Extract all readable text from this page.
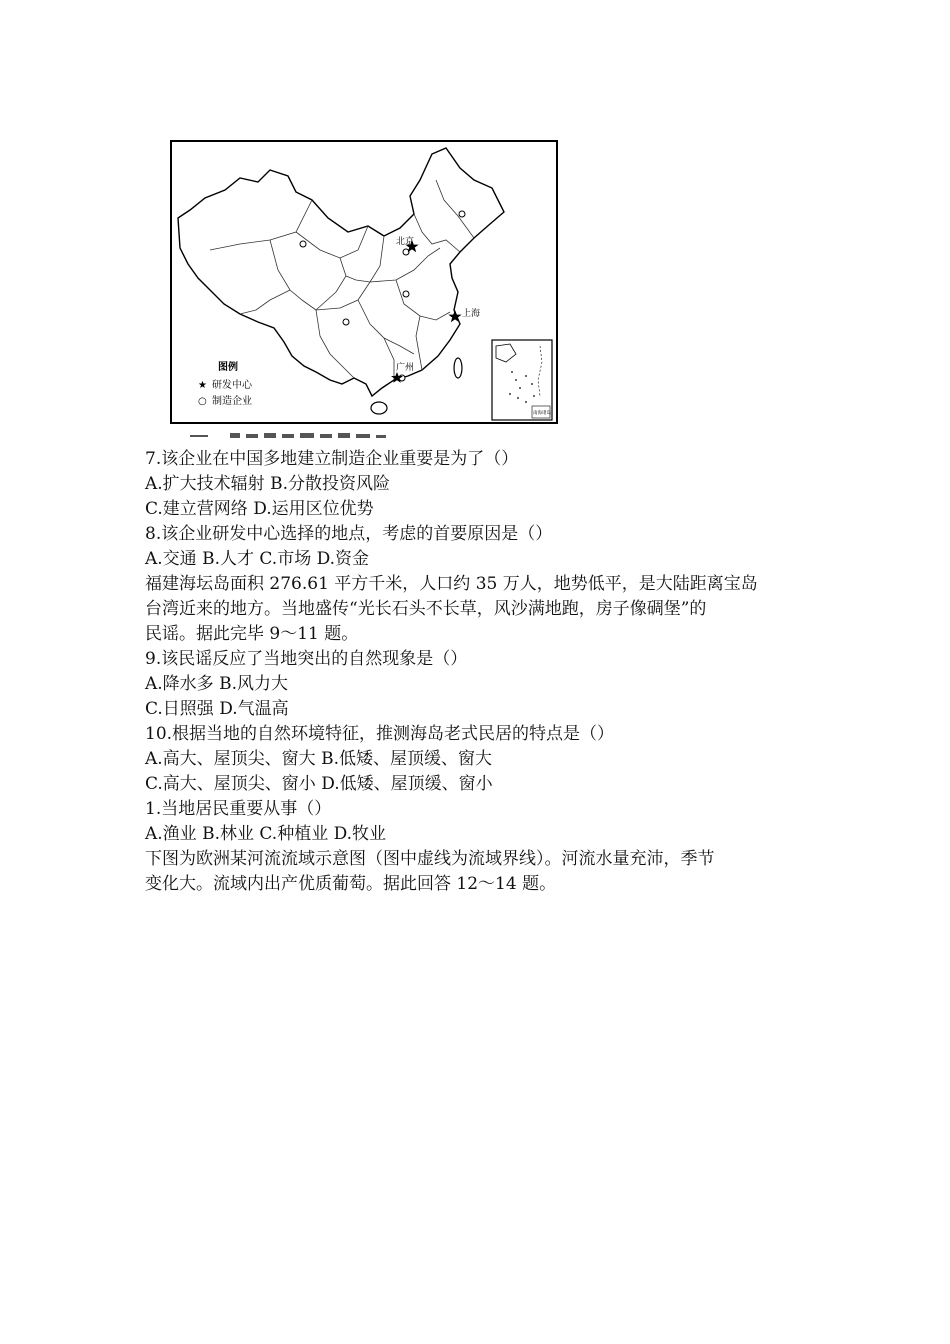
北京
上海
广州
图例
★ 研发中心
○ 制造企业
南海诸岛

7.该企业在中国多地建立制造企业重要是为了（）

A.扩大技术辐射 B.分散投资风险

C.建立营网络 D.运用区位优势

8.该企业研发中心选择的地点，考虑的首要原因是（）

A.交通 B.人才 C.市场 D.资金

福建海坛岛面积 276.61 平方千米，人口约 35 万人，地势低平，是大陆距离宝岛

台湾近来的地方。当地盛传“光长石头不长草，风沙满地跑，房子像碉堡”的

民谣。据此完毕 9～11 题。

9.该民谣反应了当地突出的自然现象是（）

A.降水多 B.风力大

C.日照强 D.气温高

10.根据当地的自然环境特征，推测海岛老式民居的特点是（）

A.高大、屋顶尖、窗大 B.低矮、屋顶缓、窗大

C.高大、屋顶尖、窗小 D.低矮、屋顶缓、窗小

1.当地居民重要从事（）

A.渔业 B.林业 C.种植业 D.牧业

下图为欧洲某河流流域示意图（图中虚线为流域界线）。河流水量充沛，季节

变化大。流域内出产优质葡萄。据此回答 12～14 题。
